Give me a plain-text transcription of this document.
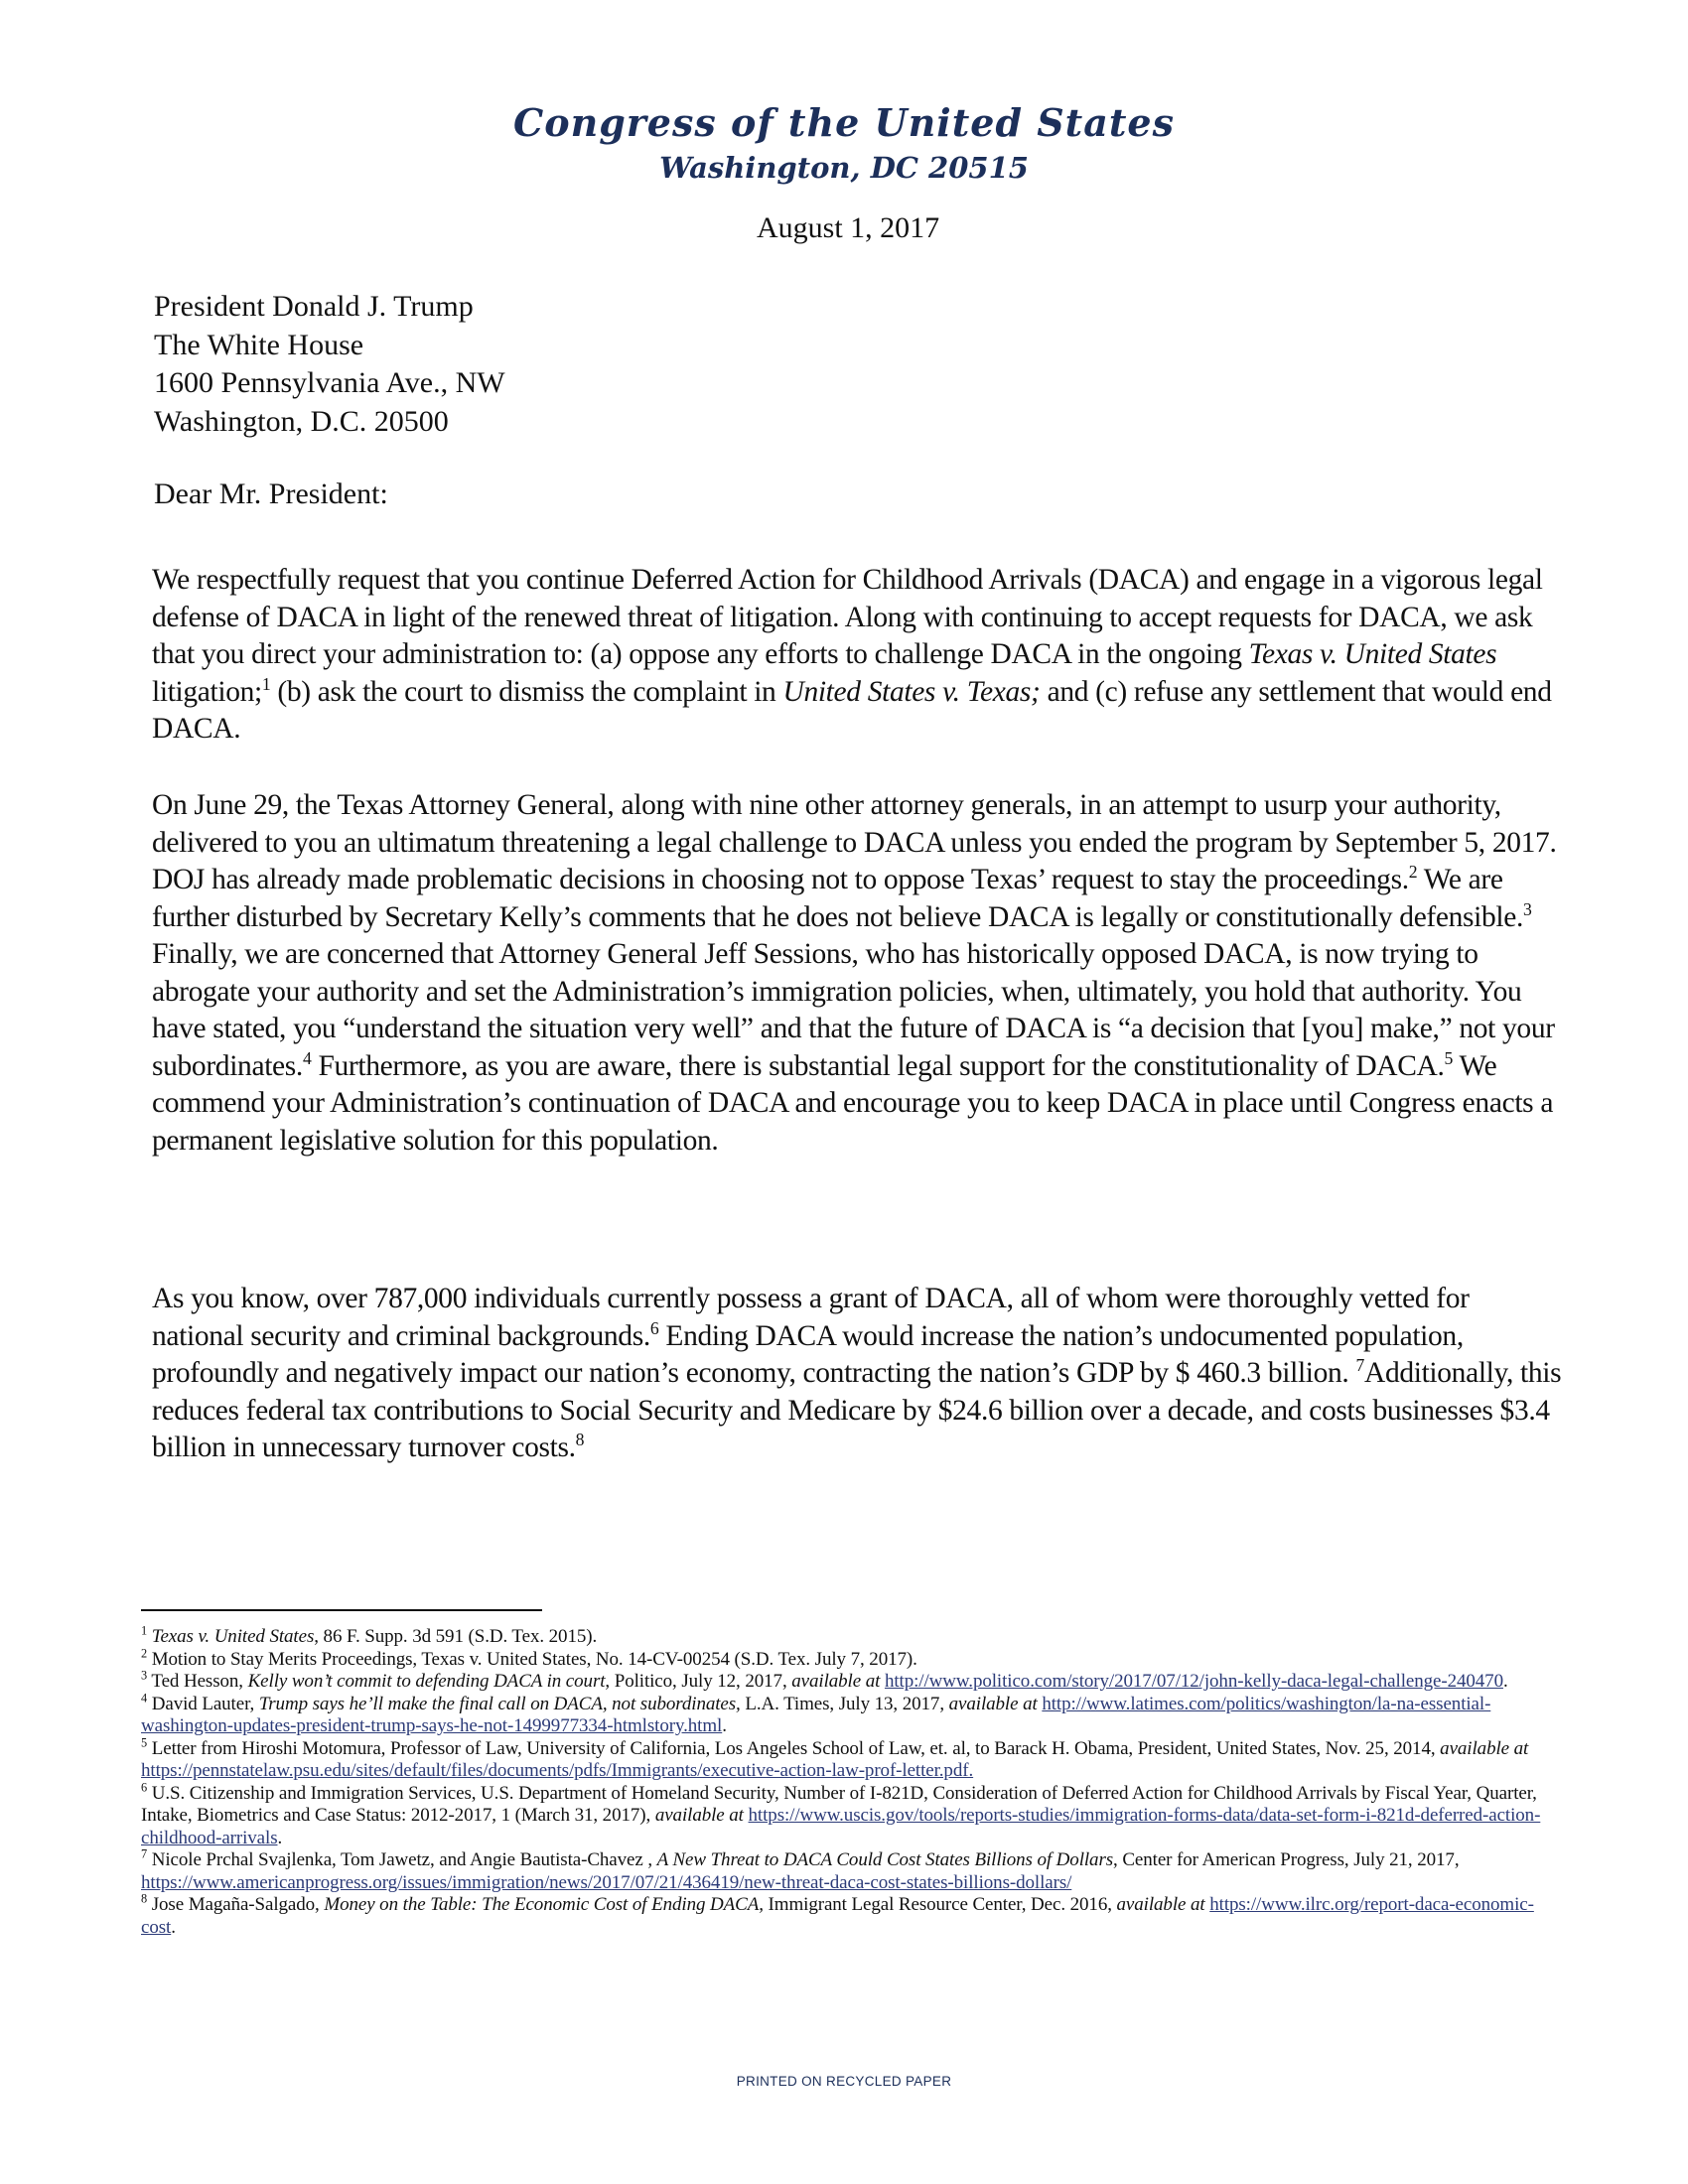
Congress of the United States
Washington, DC 20515
August 1, 2017
President Donald J. Trump
The White House
1600 Pennsylvania Ave., NW
Washington, D.C. 20500
Dear Mr. President:

We respectfully request that you continue Deferred Action for Childhood Arrivals (DACA) and engage in a vigorous legal defense of DACA in light of the renewed threat of litigation. Along with continuing to accept requests for DACA, we ask that you direct your administration to: (a) oppose any efforts to challenge DACA in the ongoing Texas v. United States litigation;$^1$ (b) ask the court to dismiss the complaint in United States v. Texas; and (c) refuse any settlement that would end DACA.

On June 29, the Texas Attorney General, along with nine other attorney generals, in an attempt to usurp your authority, delivered to you an ultimatum threatening a legal challenge to DACA unless you ended the program by September 5, 2017. DOJ has already made problematic decisions in choosing not to oppose Texas’ request to stay the proceedings.$^2$ We are further disturbed by Secretary Kelly’s comments that he does not believe DACA is legally or constitutionally defensible.$^3$ Finally, we are concerned that Attorney General Jeff Sessions, who has historically opposed DACA, is now trying to abrogate your authority and set the Administration’s immigration policies, when, ultimately, you hold that authority. You have stated, you “understand the situation very well” and that the future of DACA is “a decision that [you] make,” not your subordinates.$^4$ Furthermore, as you are aware, there is substantial legal support for the constitutionality of DACA.$^5$ We commend your Administration’s continuation of DACA and encourage you to keep DACA in place until Congress enacts a permanent legislative solution for this population.

As you know, over 787,000 individuals currently possess a grant of DACA, all of whom were thoroughly vetted for national security and criminal backgrounds.$^6$ Ending DACA would increase the nation’s undocumented population, profoundly and negatively impact our nation’s economy, contracting the nation’s GDP by $ 460.3 billion. $^7$Additionally, this reduces federal tax contributions to Social Security and Medicare by $24.6 billion over a decade, and costs businesses $3.4 billion in unnecessary turnover costs.$^8$

$^1$ Texas v. United States, 86 F. Supp. 3d 591 (S.D. Tex. 2015).

$^2$ Motion to Stay Merits Proceedings, Texas v. United States, No. 14-CV-00254 (S.D. Tex. July 7, 2017).

$^3$ Ted Hesson, Kelly won’t commit to defending DACA in court, Politico, July 12, 2017, available at http://www.politico.com/story/2017/07/12/john-kelly-daca-legal-challenge-240470.

$^4$ David Lauter, Trump says he’ll make the final call on DACA, not subordinates, L.A. Times, July 13, 2017, available at http://www.latimes.com/politics/washington/la-na-essential-washington-updates-president-trump-says-he-not-1499977334-htmlstory.html.

$^5$ Letter from Hiroshi Motomura, Professor of Law, University of California, Los Angeles School of Law, et. al, to Barack H. Obama, President, United States, Nov. 25, 2014, available at https://pennstatelaw.psu.edu/sites/default/files/documents/pdfs/Immigrants/executive-action-law-prof-letter.pdf.

$^6$ U.S. Citizenship and Immigration Services, U.S. Department of Homeland Security, Number of I-821D, Consideration of Deferred Action for Childhood Arrivals by Fiscal Year, Quarter, Intake, Biometrics and Case Status: 2012-2017, 1 (March 31, 2017), available at https://www.uscis.gov/tools/reports-studies/immigration-forms-data/data-set-form-i-821d-deferred-action-childhood-arrivals.

$^7$ Nicole Prchal Svajlenka, Tom Jawetz, and Angie Bautista-Chavez , A New Threat to DACA Could Cost States Billions of Dollars, Center for American Progress, July 21, 2017, https://www.americanprogress.org/issues/immigration/news/2017/07/21/436419/new-threat-daca-cost-states-billions-dollars/

$^8$ Jose Magaña-Salgado, Money on the Table: The Economic Cost of Ending DACA, Immigrant Legal Resource Center, Dec. 2016, available at https://www.ilrc.org/report-daca-economic-cost.

PRINTED ON RECYCLED PAPER
